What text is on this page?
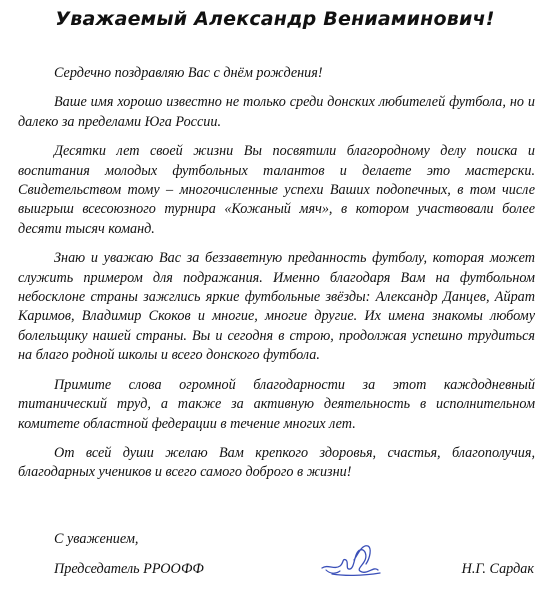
Уважаемый Александр Вениаминович!

Сердечно поздравляю Вас с днём рождения!

Ваше имя хорошо известно не только среди донских любителей футбола, но и далеко за пределами Юга России.

Десятки лет своей жизни Вы посвятили благородному делу поиска и воспитания молодых футбольных талантов и делаете это мастерски. Свидетельством тому – многочисленные успехи Ваших подопечных, в том числе выигрыш всесоюзного турнира «Кожаный мяч», в котором участвовали более десяти тысяч команд.

Знаю и уважаю Вас за беззаветную преданность футболу, которая может служить примером для подражания. Именно благодаря Вам на футбольном небосклоне страны зажглись яркие футбольные звёзды: Александр Данцев, Айрат Каримов, Владимир Скоков и многие, многие другие. Их имена знакомы любому болельщику нашей страны. Вы и сегодня в строю, продолжая успешно трудиться на благо родной школы и всего донского футбола.

Примите слова огромной благодарности за этот каждодневный титанический труд, а также за активную деятельность в исполнительном комитете областной федерации в течение многих лет.

От всей души желаю Вам крепкого здоровья, счастья, благополучия, благодарных учеников и всего самого доброго в жизни!

С уважением,
Председатель РРООФФ	Н.Г. Сардак
